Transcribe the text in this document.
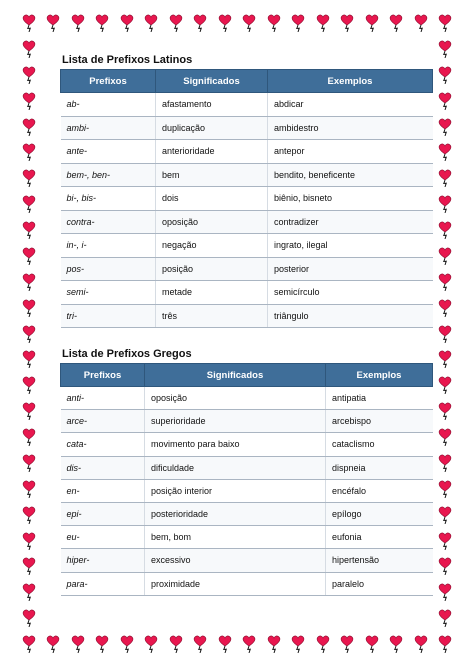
Lista de Prefixos Latinos
Prefixos	Significados	Exemplos
ab-	afastamento	abdicar
ambi-	duplicação	ambidestro
ante-	anterioridade	antepor
bem-, ben-	bem	bendito, beneficente
bi-, bis-	dois	biênio, bisneto
contra-	oposição	contradizer
in-, i-	negação	ingrato, ilegal
pos-	posição	posterior
semi-	metade	semicírculo
tri-	três	triângulo
Lista de Prefixos Gregos
Prefixos	Significados	Exemplos
anti-	oposição	antipatia
arce-	superioridade	arcebispo
cata-	movimento para baixo	cataclismo
dis-	dificuldade	dispneia
en-	posição interior	encéfalo
epi-	posterioridade	epílogo
eu-	bem, bom	eufonia
hiper-	excessivo	hipertensão
para-	proximidade	paralelo
